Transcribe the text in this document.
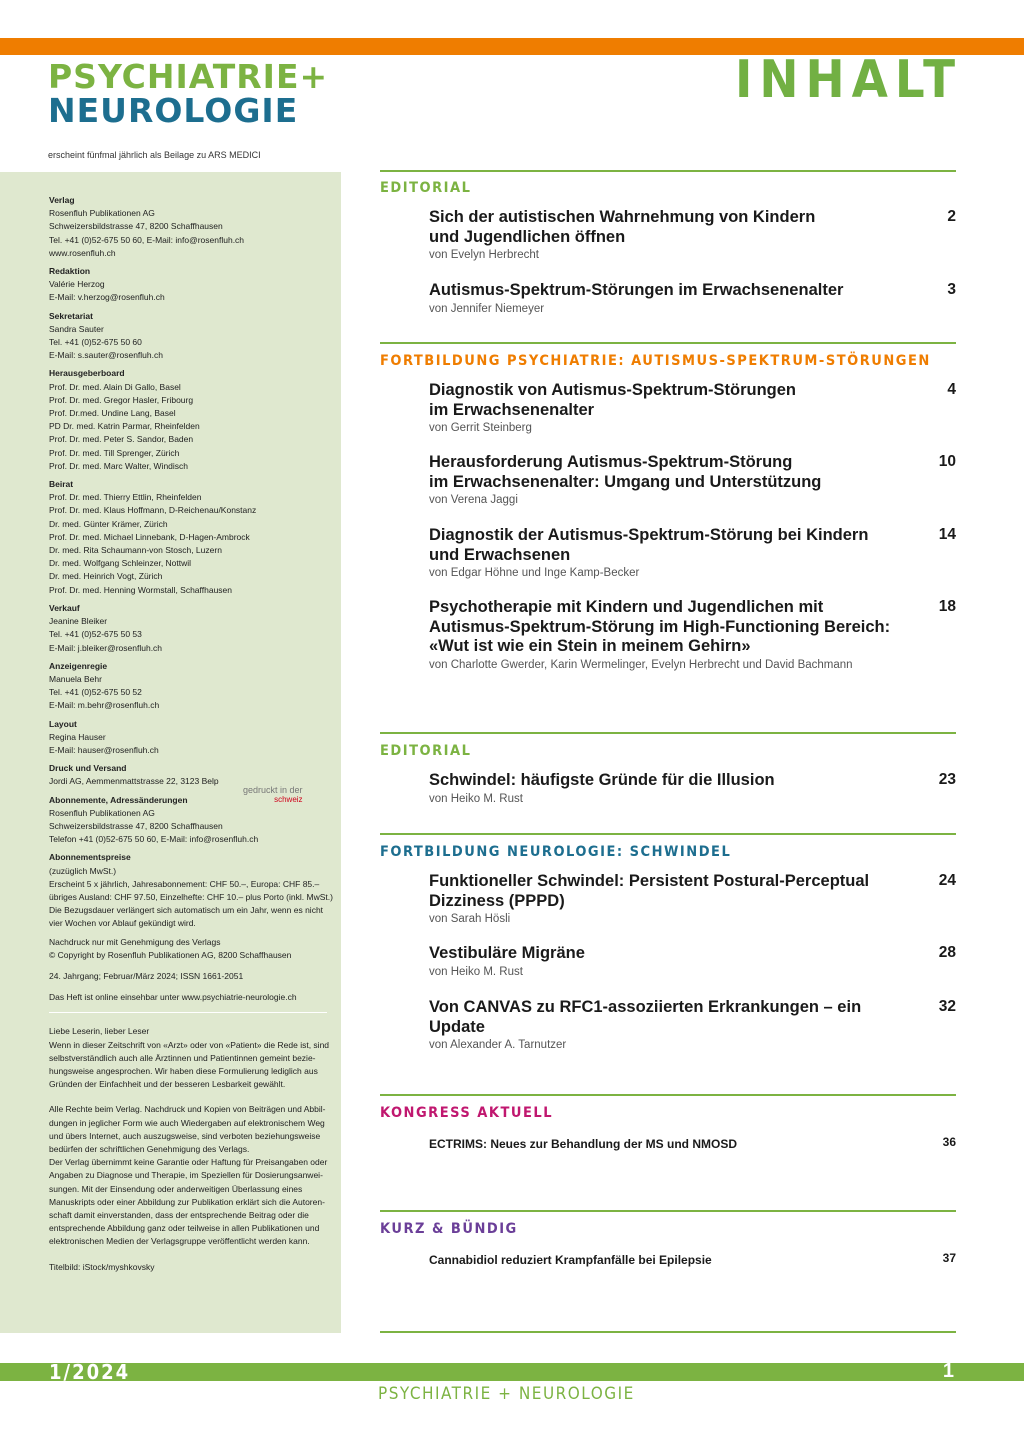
PSYCHIATRIE+
NEUROLOGIE
erscheint fünfmal jährlich als Beilage zu ARS MEDICI
INHALT
Verlag
Rosenfluh Publikationen AG
Schweizersbildstrasse 47, 8200 Schaffhausen
Tel. +41 (0)52-675 50 60, E-Mail: info@rosenfluh.ch
www.rosenfluh.ch
Redaktion
Valérie Herzog
E-Mail: v.herzog@rosenfluh.ch
Sekretariat
Sandra Sauter
Tel. +41 (0)52-675 50 60
E-Mail: s.sauter@rosenfluh.ch
Herausgeberboard
Prof. Dr. med. Alain Di Gallo, Basel
Prof. Dr. med. Gregor Hasler, Fribourg
Prof. Dr.med. Undine Lang, Basel
PD Dr. med. Katrin Parmar, Rheinfelden
Prof. Dr. med. Peter S. Sandor, Baden
Prof. Dr. med. Till Sprenger, Zürich
Prof. Dr. med. Marc Walter, Windisch
Beirat
Prof. Dr. med. Thierry Ettlin, Rheinfelden
Prof. Dr. med. Klaus Hoffmann, D-Reichenau/Konstanz
Dr. med. Günter Krämer, Zürich
Prof. Dr. med. Michael Linnebank, D-Hagen-Ambrock
Dr. med. Rita Schaumann-von Stosch, Luzern
Dr. med. Wolfgang Schleinzer, Nottwil
Dr. med. Heinrich Vogt, Zürich
Prof. Dr. med. Henning Wormstall, Schaffhausen
Verkauf
Jeanine Bleiker
Tel. +41 (0)52-675 50 53
E-Mail: j.bleiker@rosenfluh.ch
Anzeigenregie
Manuela Behr
Tel. +41 (0)52-675 50 52
E-Mail: m.behr@rosenfluh.ch
Layout
Regina Hauser
E-Mail: hauser@rosenfluh.ch
Druck und Versand
Jordi AG, Aemmenmattstrasse 22, 3123 Belp
Abonnemente, Adressänderungen
Rosenfluh Publikationen AG
Schweizersbildstrasse 47, 8200 Schaffhausen
Telefon +41 (0)52-675 50 60, E-Mail: info@rosenfluh.ch
Abonnementspreise
(zuzüglich MwSt.)
Erscheint 5 x jährlich, Jahresabonnement: CHF 50.–, Europa: CHF 85.–
übriges Ausland: CHF 97.50, Einzelhefte: CHF 10.– plus Porto (inkl. MwSt.)
Die Bezugsdauer verlängert sich automatisch um ein Jahr, wenn es nicht
vier Wochen vor Ablauf gekündigt wird.
Nachdruck nur mit Genehmigung des Verlags
© Copyright by Rosenfluh Publikationen AG, 8200 Schaffhausen
24. Jahrgang; Februar/März 2024; ISSN 1661-2051
Das Heft ist online einsehbar unter www.psychiatrie-neurologie.ch
Liebe Leserin, lieber Leser
Wenn in dieser Zeitschrift von «Arzt» oder von «Patient» die Rede ist, sind selbstverständlich auch alle Ärztinnen und Patientinnen gemeint bezie-hungsweise angesprochen. Wir haben diese Formulierung lediglich aus Gründen der Einfachheit und der besseren Lesbarkeit gewählt.
Alle Rechte beim Verlag. Nachdruck und Kopien von Beiträgen und Abbil-dungen in jeglicher Form wie auch Wiedergaben auf elektronischem Weg und übers Internet, auch auszugsweise, sind verboten beziehungsweise bedürfen der schriftlichen Genehmigung des Verlags.
Der Verlag übernimmt keine Garantie oder Haftung für Preisangaben oder Angaben zu Diagnose und Therapie, im Speziellen für Dosierungsanwei-sungen. Mit der Einsendung oder anderweitigen Überlassung eines Manuskripts oder einer Abbildung zur Publikation erklärt sich die Autoren-schaft damit einverstanden, dass der entsprechende Beitrag oder die entsprechende Abbildung ganz oder teilweise in allen Publikationen und elektronischen Medien der Verlagsgruppe veröffentlicht werden kann.
Titelbild: iStock/myshkovsky
gedruckt in der
schweiz
EDITORIAL
Sich der autistischen Wahrnehmung von Kindern
und Jugendlichen öffnen
von Evelyn Herbrecht
2
Autismus-Spektrum-Störungen im Erwachsenenalter
von Jennifer Niemeyer
3
FORTBILDUNG PSYCHIATRIE: AUTISMUS-SPEKTRUM-STÖRUNGEN
Diagnostik von Autismus-Spektrum-Störungen
im Erwachsenenalter
von Gerrit Steinberg
4
Herausforderung Autismus-Spektrum-Störung
im Erwachsenenalter: Umgang und Unterstützung
von Verena Jaggi
10
Diagnostik der Autismus-Spektrum-Störung bei Kindern
und Erwachsenen
von Edgar Höhne und Inge Kamp-Becker
14
Psychotherapie mit Kindern und Jugendlichen mit
Autismus-Spektrum-Störung im High-Functioning Bereich:
«Wut ist wie ein Stein in meinem Gehirn»
von Charlotte Gwerder, Karin Wermelinger, Evelyn Herbrecht und David Bachmann
18
EDITORIAL
Schwindel: häufigste Gründe für die Illusion
von Heiko M. Rust
23
FORTBILDUNG NEUROLOGIE: SCHWINDEL
Funktioneller Schwindel: Persistent Postural-Perceptual
Dizziness (PPPD)
von Sarah Hösli
24
Vestibuläre Migräne
von Heiko M. Rust
28
Von CANVAS zu RFC1-assoziierten Erkrankungen – ein Update
von Alexander A. Tarnutzer
32
KONGRESS AKTUELL
ECTRIMS: Neues zur Behandlung der MS und NMOSD	36
KURZ & BÜNDIG
Cannabidiol reduziert Krampfanfälle bei Epilepsie	37
1/2024	1
PSYCHIATRIE + NEUROLOGIE
